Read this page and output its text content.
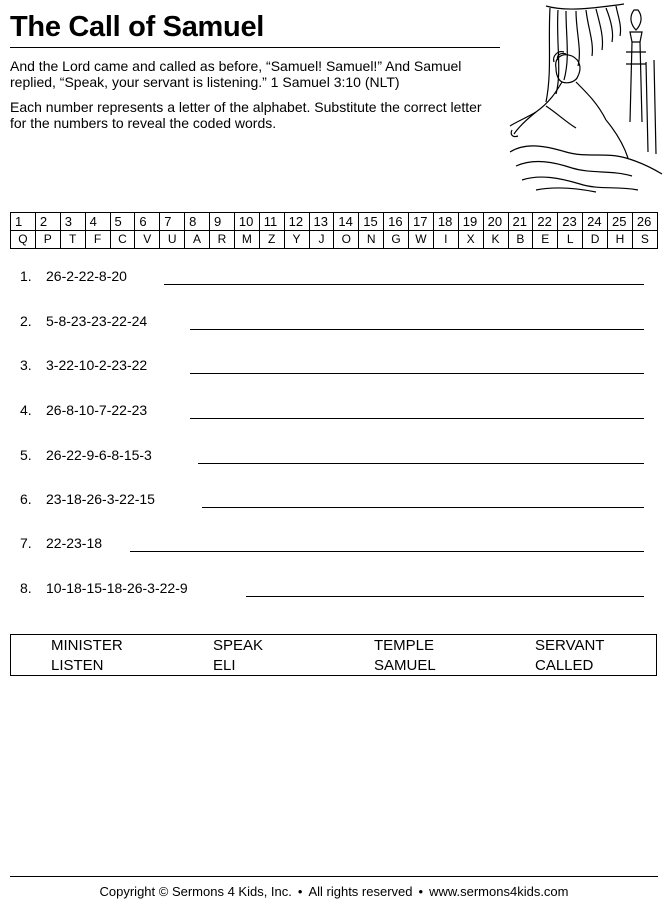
The Call of Samuel
And the Lord came and called as before, “Samuel! Samuel!” And Samuel replied, “Speak, your servant is listening.” 1 Samuel 3:10 (NLT)
Each number represents a letter of the alphabet. Substitute the correct letter for the numbers to reveal the coded words.
1	2	3	4	5	6	7	8	9	10	11	12	13	14	15	16	17	18	19	20	21	22	23	24	25	26
Q	P	T	F	C	V	U	A	R	M	Z	Y	J	O	N	G	W	I	X	K	B	E	L	D	H	S
1.	26-2-22-8-20
2.	5-8-23-23-22-24
3.	3-22-10-2-23-22
4.	26-8-10-7-22-23
5.	26-22-9-6-8-15-3
6.	23-18-26-3-22-15
7.	22-23-18
8.	10-18-15-18-26-3-22-9
MINISTER	SPEAK	TEMPLE	SERVANT
LISTEN	ELI	SAMUEL	CALLED
Copyright © Sermons 4 Kids, Inc. • All rights reserved • www.sermons4kids.com
